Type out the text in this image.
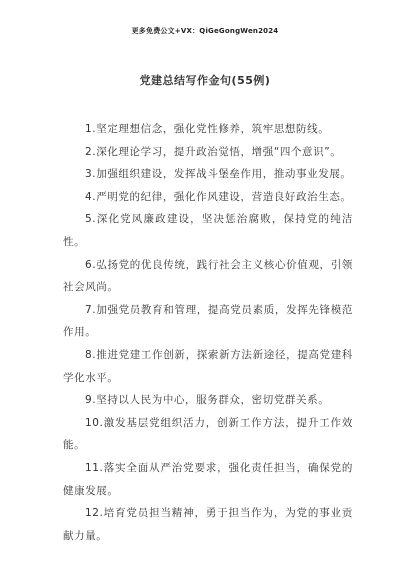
更多免费公文+VX：QiGeGongWen2024
党建总结写作金句(55例)

1.坚定理想信念，强化党性修养，筑牢思想防线。

2.深化理论学习，提升政治觉悟，增强“四个意识”。

3.加强组织建设，发挥战斗堡垒作用，推动事业发展。

4.严明党的纪律，强化作风建设，营造良好政治生态。

5.深化党风廉政建设，坚决惩治腐败，保持党的纯洁性。

6.弘扬党的优良传统，践行社会主义核心价值观，引领社会风尚。

7.加强党员教育和管理，提高党员素质，发挥先锋模范作用。

8.推进党建工作创新，探索新方法新途径，提高党建科学化水平。

9.坚持以人民为中心，服务群众，密切党群关系。

10.激发基层党组织活力，创新工作方法，提升工作效能。

11.落实全面从严治党要求，强化责任担当，确保党的健康发展。

12.培育党员担当精神，勇于担当作为，为党的事业贡献力量。
